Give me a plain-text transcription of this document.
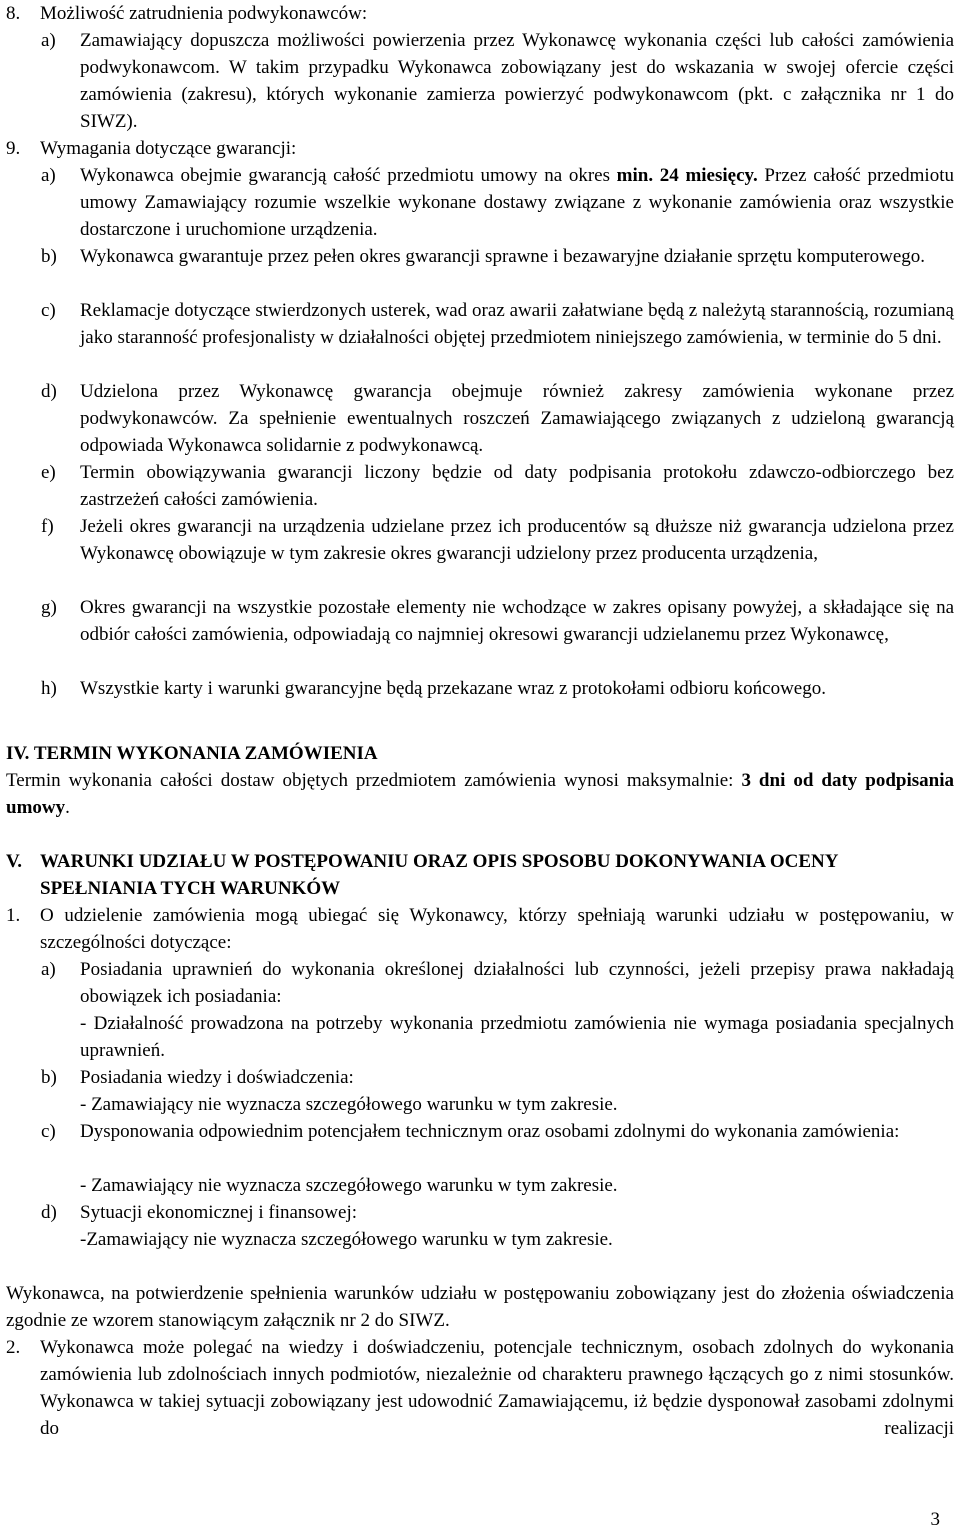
8. Możliwość zatrudnienia podwykonawców:
a) Zamawiający dopuszcza możliwości powierzenia przez Wykonawcę wykonania części lub całości zamówienia podwykonawcom. W takim przypadku Wykonawca zobowiązany jest do wskazania w swojej ofercie części zamówienia (zakresu), których wykonanie zamierza powierzyć podwykonawcom (pkt. c załącznika nr 1 do SIWZ).

9. Wymagania dotyczące gwarancji:
a) Wykonawca obejmie gwarancją całość przedmiotu umowy na okres min. 24 miesięcy. Przez całość przedmiotu umowy Zamawiający rozumie wszelkie wykonane dostawy związane z wykonanie zamówienia oraz wszystkie dostarczone i uruchomione urządzenia.

b) Wykonawca gwarantuje przez pełen okres gwarancji sprawne i bezawaryjne działanie sprzętu komputerowego.

c) Reklamacje dotyczące stwierdzonych usterek, wad oraz awarii załatwiane będą z należytą starannością, rozumianą jako staranność profesjonalisty w działalności objętej przedmiotem niniejszego zamówienia, w terminie do 5 dni.

d) Udzielona przez Wykonawcę gwarancja obejmuje również zakresy zamówienia wykonane przez podwykonawców. Za spełnienie ewentualnych roszczeń Zamawiającego związanych z udzieloną gwarancją odpowiada Wykonawca solidarnie z podwykonawcą.

e) Termin obowiązywania gwarancji liczony będzie od daty podpisania protokołu zdawczo-odbiorczego bez zastrzeżeń całości zamówienia.

f) Jeżeli okres gwarancji na urządzenia udzielane przez ich producentów są dłuższe niż gwarancja udzielona przez Wykonawcę obowiązuje w tym zakresie okres gwarancji udzielony przez producenta urządzenia,

g) Okres gwarancji na wszystkie pozostałe elementy nie wchodzące w zakres opisany powyżej, a składające się na odbiór całości zamówienia, odpowiadają co najmniej okresowi gwarancji udzielanemu przez Wykonawcę,

h) Wszystkie karty i warunki gwarancyjne będą przekazane wraz z protokołami odbioru końcowego.

IV. TERMIN WYKONANIA ZAMÓWIENIA

Termin wykonania całości dostaw objętych przedmiotem zamówienia wynosi maksymalnie: 3 dni od daty podpisania umowy.

V. WARUNKI UDZIAŁU W POSTĘPOWANIU ORAZ OPIS SPOSOBU DOKONYWANIA OCENY SPEŁNIANIA TYCH WARUNKÓW

1. O udzielenie zamówienia mogą ubiegać się Wykonawcy, którzy spełniają warunki udziału w postępowaniu, w szczególności dotyczące:

a) Posiadania uprawnień do wykonania określonej działalności lub czynności, jeżeli przepisy prawa nakładają obowiązek ich posiadania:

- Działalność prowadzona na potrzeby wykonania przedmiotu zamówienia nie wymaga posiadania specjalnych uprawnień.

b) Posiadania wiedzy i doświadczenia:

- Zamawiający nie wyznacza szczegółowego warunku w tym zakresie.

c) Dysponowania odpowiednim potencjałem technicznym oraz osobami zdolnymi do wykonania zamówienia:

- Zamawiający nie wyznacza szczegółowego warunku w tym zakresie.

d) Sytuacji ekonomicznej i finansowej:

-Zamawiający nie wyznacza szczegółowego warunku w tym zakresie.

Wykonawca, na potwierdzenie spełnienia warunków udziału w postępowaniu zobowiązany jest do złożenia oświadczenia zgodnie ze wzorem stanowiącym załącznik nr 2 do SIWZ.

2. Wykonawca może polegać na wiedzy i doświadczeniu, potencjale technicznym, osobach zdolnych do wykonania zamówienia lub zdolnościach innych podmiotów, niezależnie od charakteru prawnego łączących go z nimi stosunków. Wykonawca w takiej sytuacji zobowiązany jest udowodnić Zamawiającemu, iż będzie dysponował zasobami zdolnymi do realizacji

3
